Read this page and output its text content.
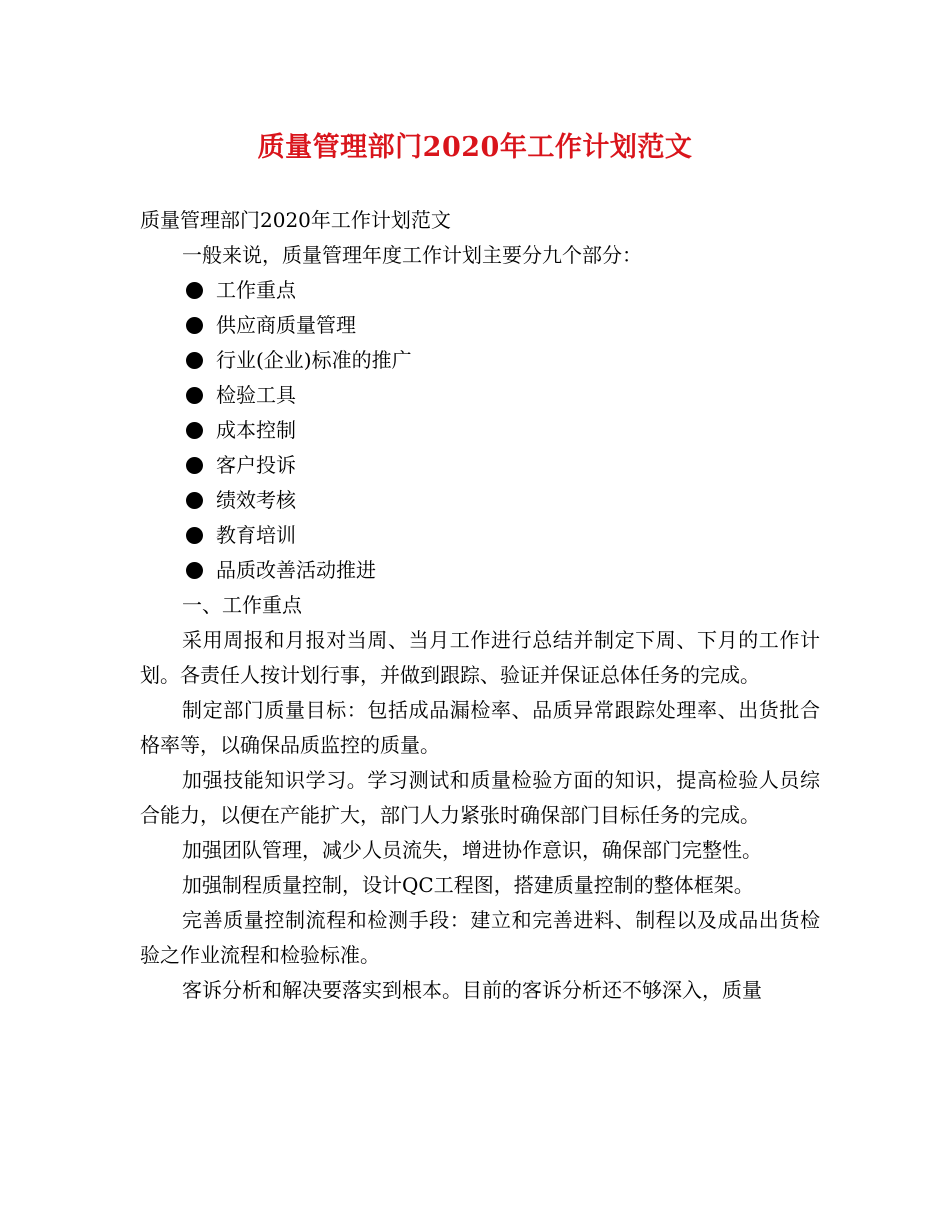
质量管理部门2020年工作计划范文

质量管理部门2020年工作计划范文

一般来说，质量管理年度工作计划主要分九个部分：

工作重点
供应商质量管理
行业(企业)标准的推广
检验工具
成本控制
客户投诉
绩效考核
教育培训
品质改善活动推进

一、工作重点

采用周报和月报对当周、当月工作进行总结并制定下周、下月的工作计划。各责任人按计划行事，并做到跟踪、验证并保证总体任务的完成。

制定部门质量目标：包括成品漏检率、品质异常跟踪处理率、出货批合格率等，以确保品质监控的质量。

加强技能知识学习。学习测试和质量检验方面的知识，提高检验人员综合能力，以便在产能扩大，部门人力紧张时确保部门目标任务的完成。

加强团队管理，减少人员流失，增进协作意识，确保部门完整性。

加强制程质量控制，设计QC工程图，搭建质量控制的整体框架。

完善质量控制流程和检测手段：建立和完善进料、制程以及成品出货检验之作业流程和检验标准。

客诉分析和解决要落实到根本。目前的客诉分析还不够深入，质量
